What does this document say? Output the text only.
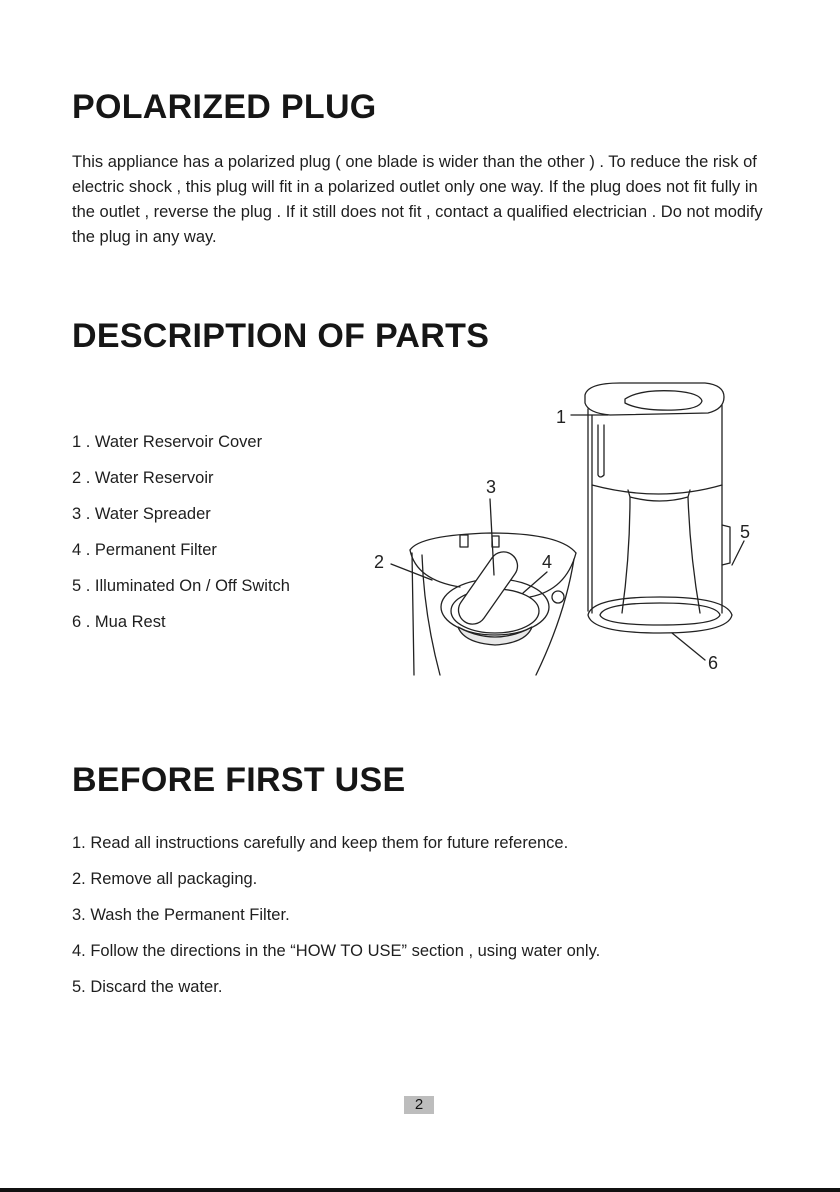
POLARIZED PLUG

This appliance has a polarized plug ( one blade is wider than the other ) . To reduce the risk of electric shock , this plug will fit in a polarized outlet only one way. If the plug does not fit fully in the outlet , reverse the plug . If it still does not fit , contact a qualified electrician . Do not modify the plug in any way.

DESCRIPTION OF PARTS
1 . Water Reservoir Cover
2 . Water Reservoir
3 . Water Spreader
4 . Permanent Filter
5 . Illuminated On / Off Switch
6 . Mua Rest
1
2
3
4
5
6
BEFORE FIRST USE
1. Read all instructions carefully and keep them for future reference.
2. Remove all packaging.
3. Wash the Permanent Filter.
4. Follow the directions in the “HOW TO USE” section , using water only.
5. Discard the water.
2
